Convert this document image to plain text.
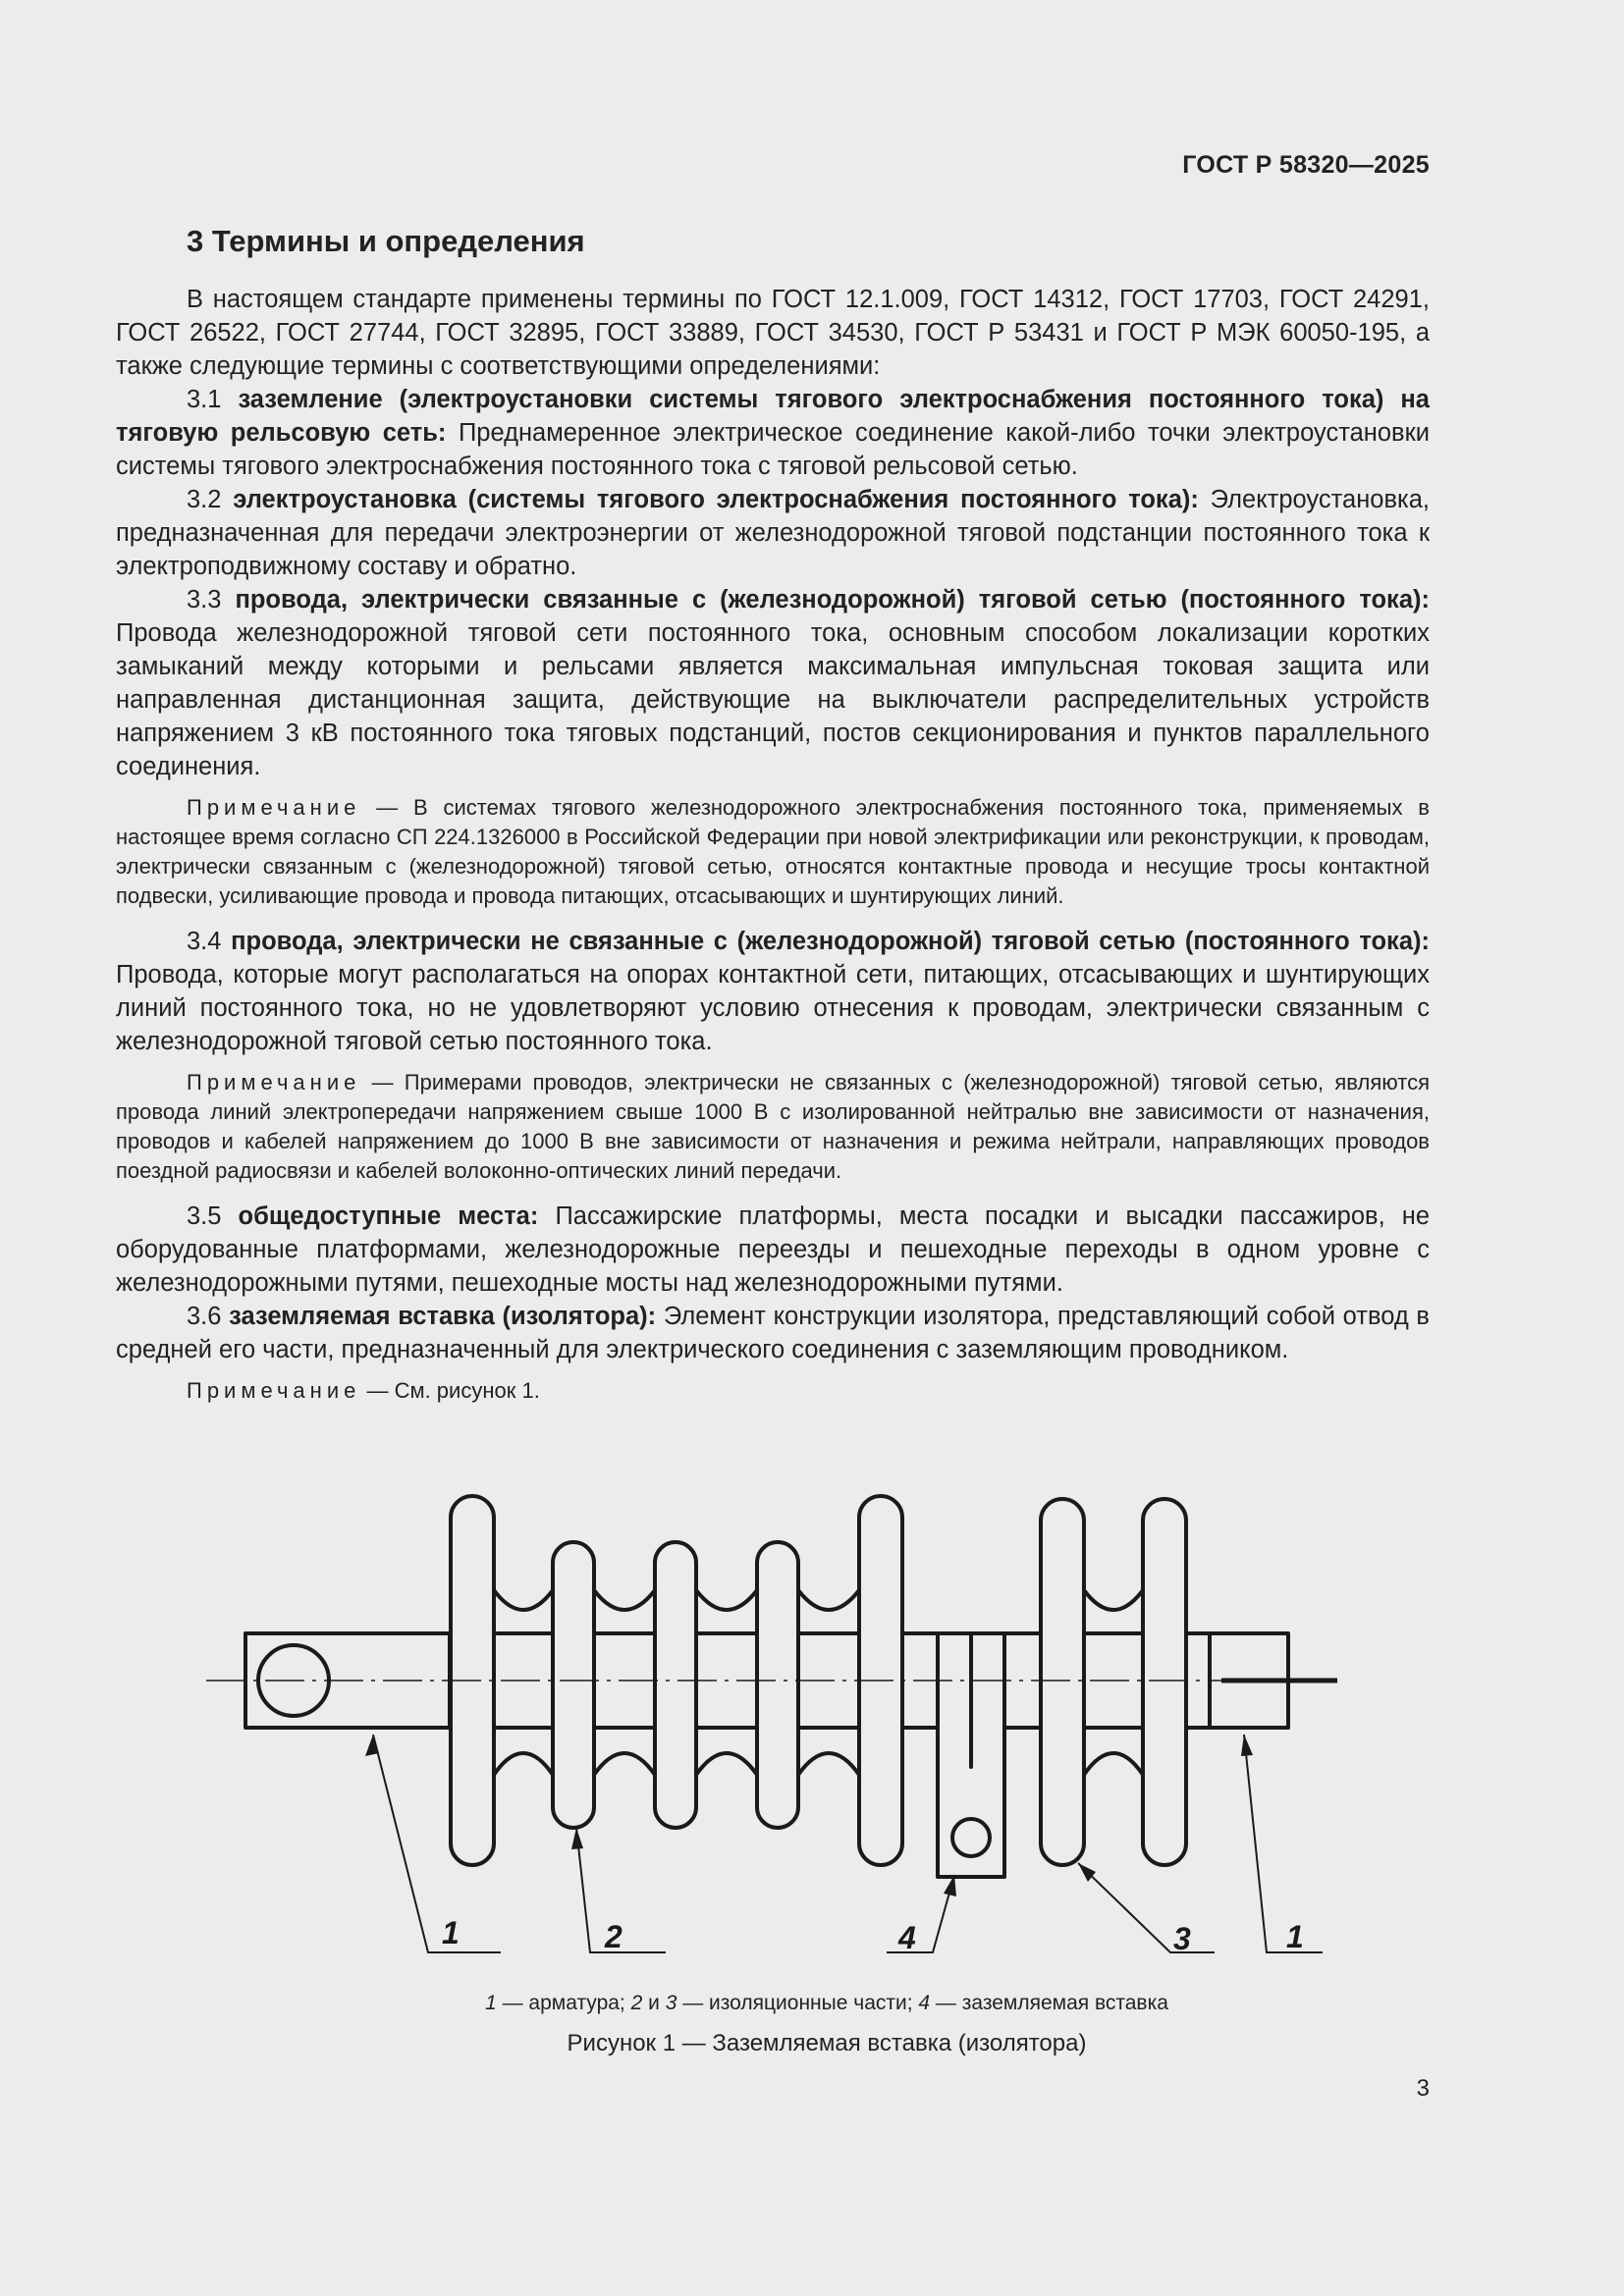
ГОСТ Р 58320—2025
3 Термины и определения

В настоящем стандарте применены термины по ГОСТ 12.1.009, ГОСТ 14312, ГОСТ 17703, ГОСТ 24291, ГОСТ 26522, ГОСТ 27744, ГОСТ 32895, ГОСТ 33889, ГОСТ 34530, ГОСТ Р 53431 и ГОСТ Р МЭК 60050-195, а также следующие термины с соответствующими определениями:

3.1 заземление (электроустановки системы тягового электроснабжения постоянного тока) на тяговую рельсовую сеть: Преднамеренное электрическое соединение какой-либо точки электроустановки системы тягового электроснабжения постоянного тока с тяговой рельсовой сетью.

3.2 электроустановка (системы тягового электроснабжения постоянного тока): Электроустановка, предназначенная для передачи электроэнергии от железнодорожной тяговой подстанции постоянного тока к электроподвижному составу и обратно.

3.3 провода, электрически связанные с (железнодорожной) тяговой сетью (постоянного тока): Провода железнодорожной тяговой сети постоянного тока, основным способом локализации коротких замыканий между которыми и рельсами является максимальная импульсная токовая защита или направленная дистанционная защита, действующие на выключатели распределительных устройств напряжением 3 кВ постоянного тока тяговых подстанций, постов секционирования и пунктов параллельного соединения.

Примечание — В системах тягового железнодорожного электроснабжения постоянного тока, применяемых в настоящее время согласно СП 224.1326000 в Российской Федерации при новой электрификации или реконструкции, к проводам, электрически связанным с (железнодорожной) тяговой сетью, относятся контактные провода и несущие тросы контактной подвески, усиливающие провода и провода питающих, отсасывающих и шунтирующих линий.

3.4 провода, электрически не связанные с (железнодорожной) тяговой сетью (постоянного тока): Провода, которые могут располагаться на опорах контактной сети, питающих, отсасывающих и шунтирующих линий постоянного тока, но не удовлетворяют условию отнесения к проводам, электрически связанным с железнодорожной тяговой сетью постоянного тока.

Примечание — Примерами проводов, электрически не связанных с (железнодорожной) тяговой сетью, являются провода линий электропередачи напряжением свыше 1000 В с изолированной нейтралью вне зависимости от назначения, проводов и кабелей напряжением до 1000 В вне зависимости от назначения и режима нейтрали, направляющих проводов поездной радиосвязи и кабелей волоконно-оптических линий передачи.

3.5 общедоступные места: Пассажирские платформы, места посадки и высадки пассажиров, не оборудованные платформами, железнодорожные переезды и пешеходные переходы в одном уровне с железнодорожными путями, пешеходные мосты над железнодорожными путями.

3.6 заземляемая вставка (изолятора): Элемент конструкции изолятора, представляющий собой отвод в средней его части, предназначенный для электрического соединения с заземляющим проводником.

Примечание — См. рисунок 1.

1	2	4	3	1
1 — арматура; 2 и 3 — изоляционные части; 4 — заземляемая вставка
Рисунок 1 — Заземляемая вставка (изолятора)
3
